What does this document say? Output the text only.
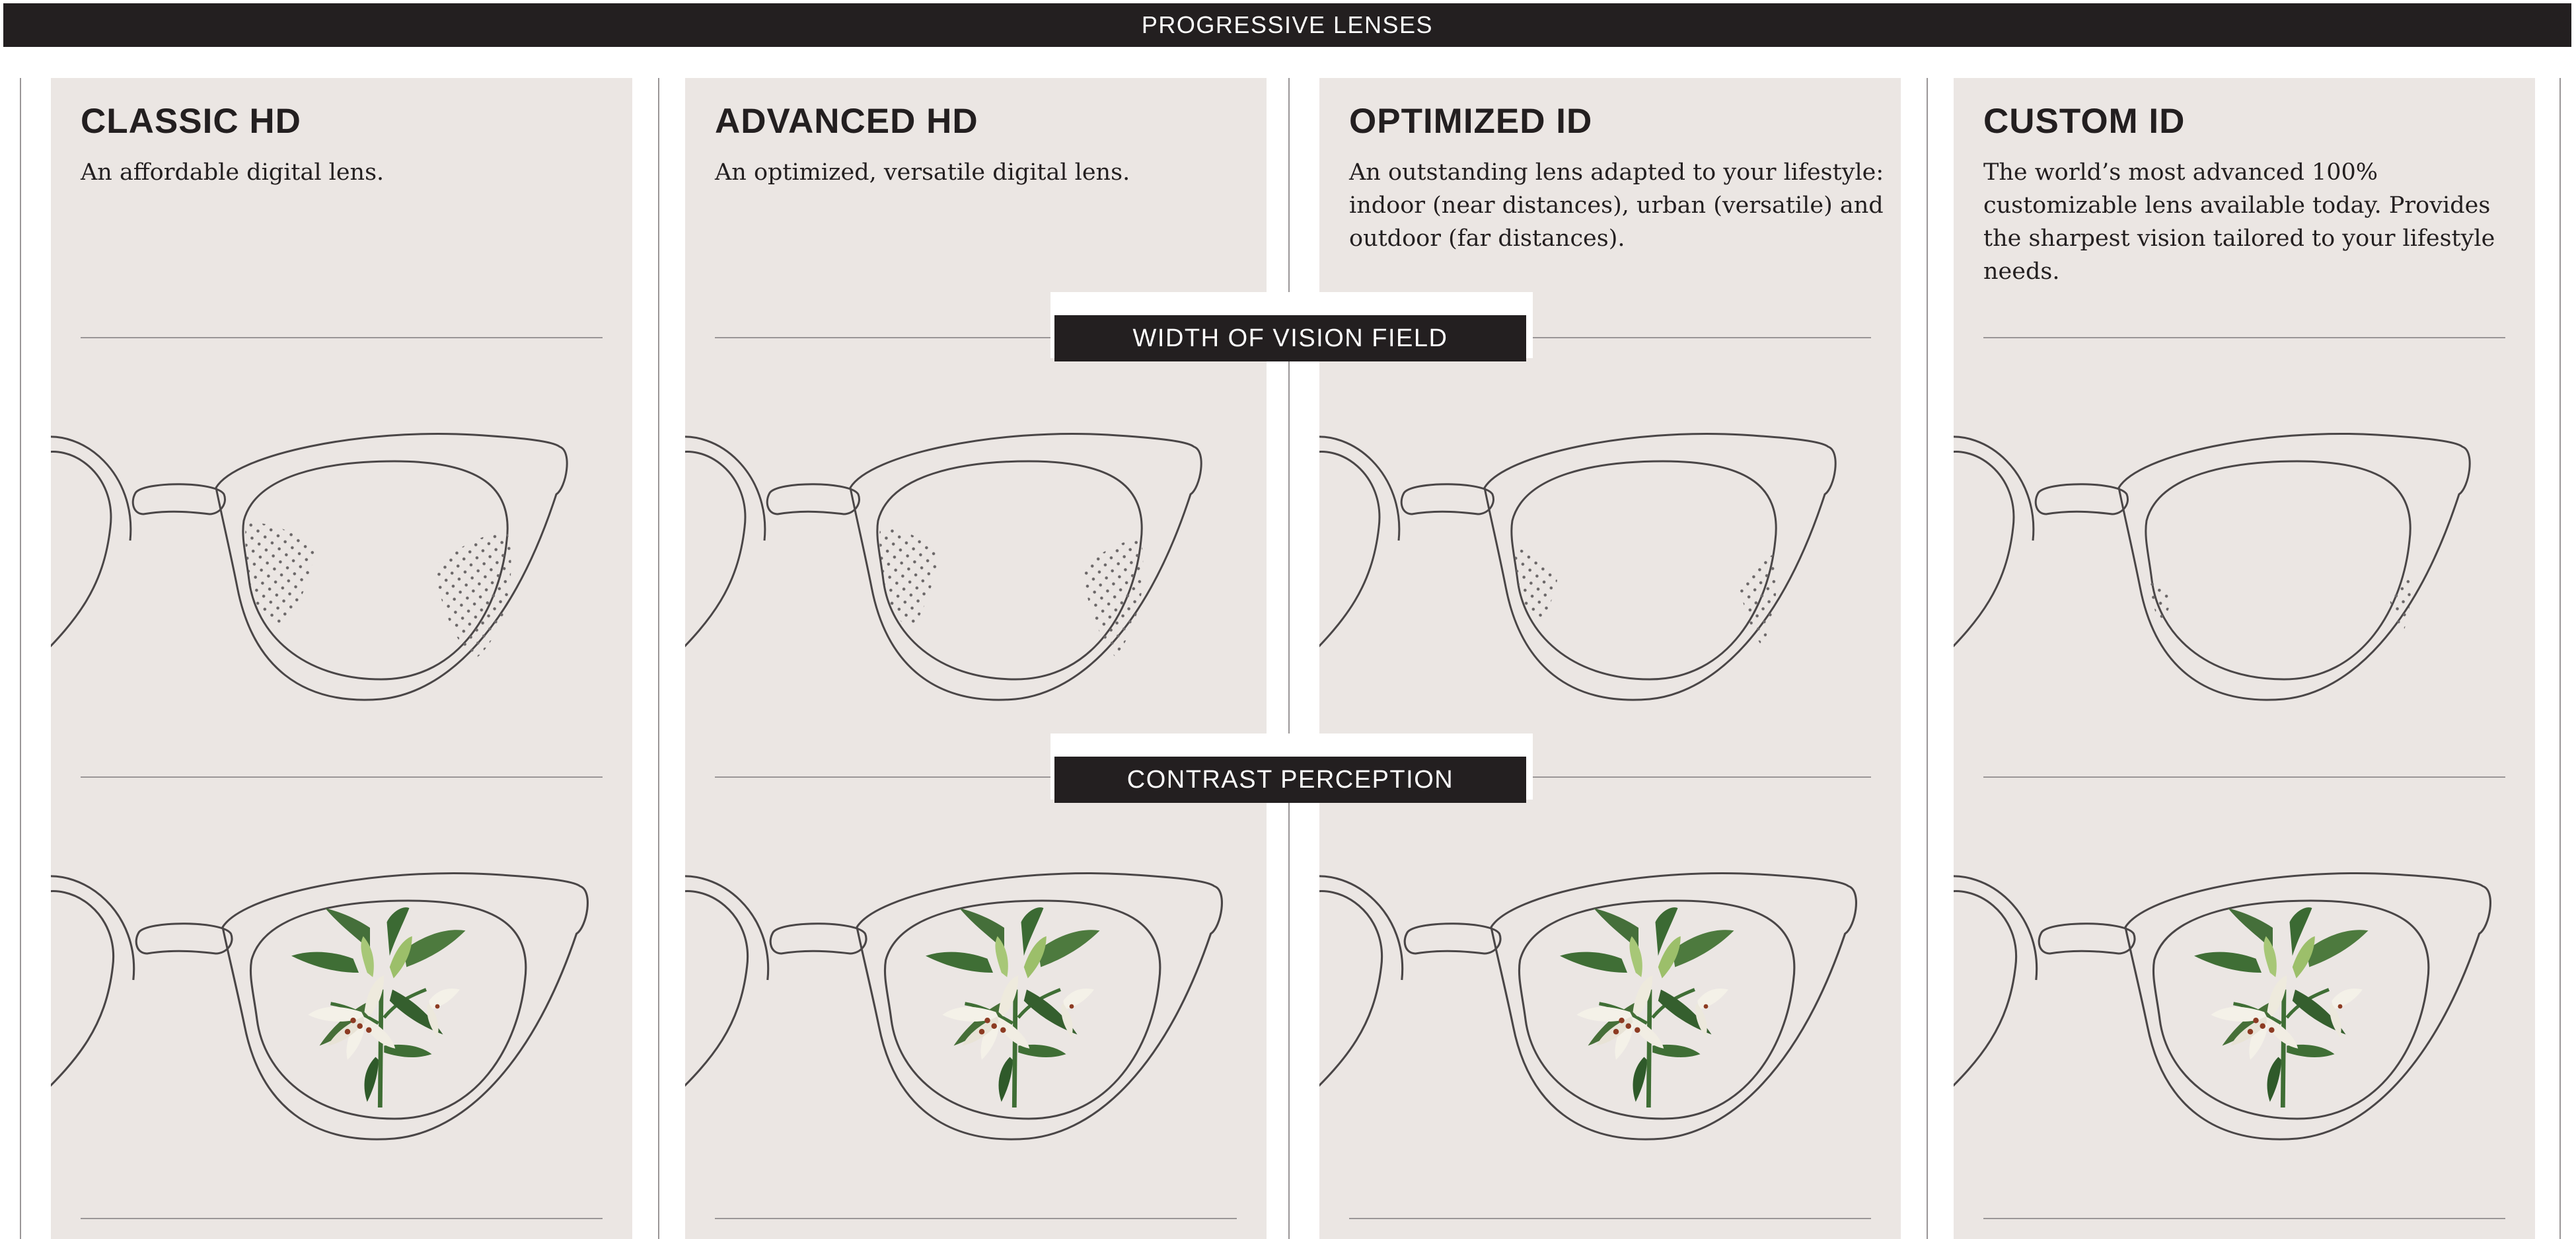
PROGRESSIVE LENSES
CLASSIC HD
An affordable digital lens.
ADVANCED HD
An optimized, versatile digital lens.
OPTIMIZED ID
An outstanding lens adapted to your lifestyle: indoor (near distances), urban (versatile) and outdoor (far distances).
CUSTOM ID
The world’s most advanced 100% customizable lens available today. Provides the sharpest vision tailored to your lifestyle needs.
WIDTH OF VISION FIELD
CONTRAST PERCEPTION
